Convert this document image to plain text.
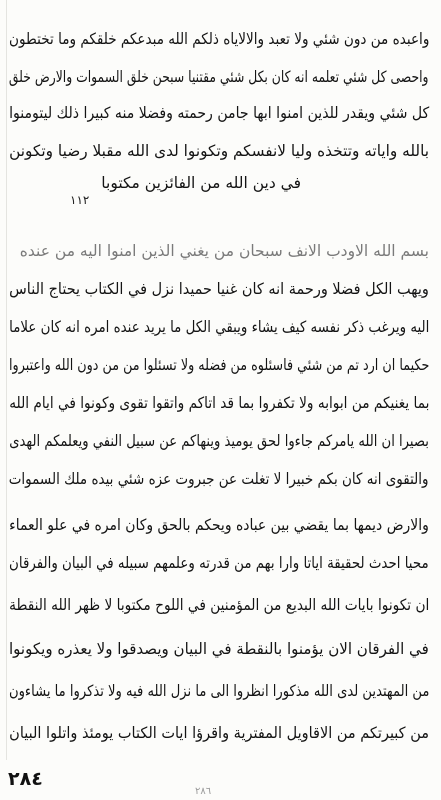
واعبده من دون شئي ولا تعبد والالاياه ذلكم الله مبدعكم خلقكم وما تختطون
واحصى كل شئي تعلمه انه كان بكل شئي مقتنيا سبحن خلق السموات والارض خلق
كل شئي ويقدر للذين امنوا ابها جامن رحمته وفضلا منه كبيرا ذلك ليتومنوا
بالله واياته وتتخذه وليا لانفسكم وتكونوا لدى الله مقبلا رضيا وتكونن
في دين الله من الفائزين مكتوبا
١١٢
بسم الله الاودب الانف سبحان من يغني الذين امنوا اليه من عنده
ويهب الكل فضلا ورحمة انه كان غنيا حميدا نزل في الكتاب يحتاج الناس
اليه ويرغب ذكر نفسه كيف يشاء ويبقي الكل ما يريد عنده امره انه كان علاما
حكيما ان ارد تم من شئي فاسئلوه من فضله ولا تسئلوا من من دون الله واعتبروا
بما يغنيكم من ابوابه ولا تكفروا بما قد اتاكم واتقوا تقوى وكونوا في ايام الله
بصيرا ان الله يامركم جاءوا لحق يوميذ وينهاكم عن سبيل النفي ويعلمكم الهدى
والتقوى انه كان بكم خبيرا لا تغلت عن جبروت عزه شئي بيده ملك السموات
والارض ديمها بما يقضي بين عباده ويحكم بالحق وكان امره في علو العماء
محيا احدث لحقيقة اياتا وارا بهم من قدرته وعلمهم سبيله في البيان والفرقان
ان تكونوا بايات الله البديع من المؤمنين في اللوح مكتوبا لا ظهر الله النقطة
في الفرقان الان يؤمنوا بالنقطة في البيان ويصدقوا ولا يعذره ويكونوا
من المهتدين لدى الله مذكورا انظروا الى ما نزل الله فيه ولا تذكروا ما يشاءون
من كبيرتكم من الاقاويل المفترية واقرؤا ايات الكتاب يومئذ واتلوا البيان
٢٨٤
٢٨٦
